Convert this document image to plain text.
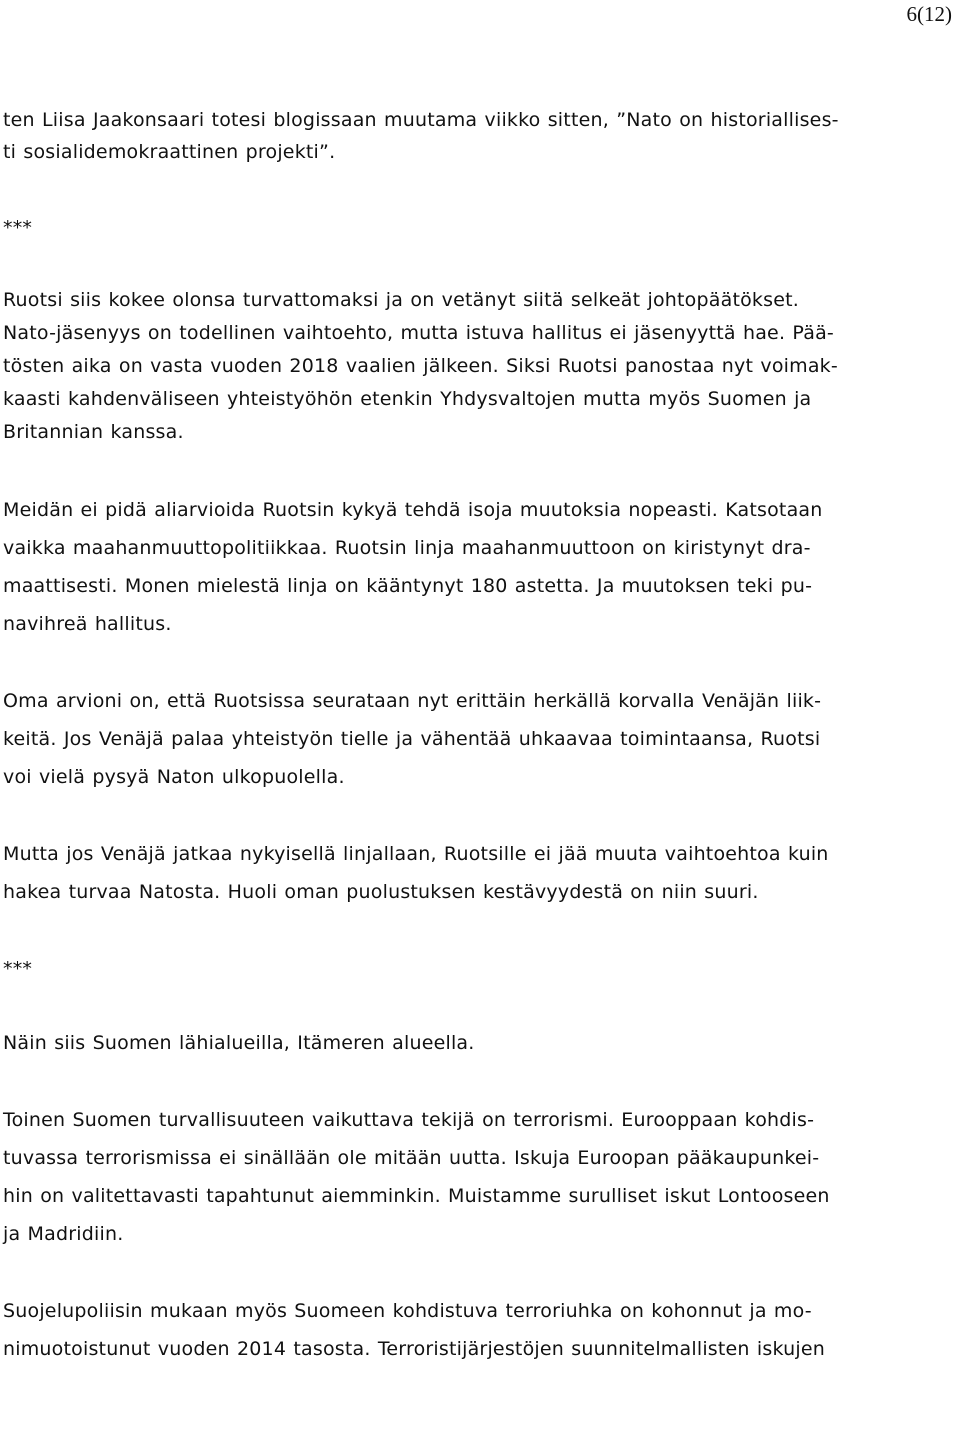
6(12)

ten Liisa Jaakonsaari totesi blogissaan muutama viikko sitten, ”Nato on historiallises-
ti sosialidemokraattinen projekti”.

***

Ruotsi siis kokee olonsa turvattomaksi ja on vetänyt siitä selkeät johtopäätökset.
Nato-jäsenyys on todellinen vaihtoehto, mutta istuva hallitus ei jäsenyyttä hae. Pää-
tösten aika on vasta vuoden 2018 vaalien jälkeen. Siksi Ruotsi panostaa nyt voimak-
kaasti kahdenväliseen yhteistyöhön etenkin Yhdysvaltojen mutta myös Suomen ja
Britannian kanssa.

Meidän ei pidä aliarvioida Ruotsin kykyä tehdä isoja muutoksia nopeasti. Katsotaan
vaikka maahanmuuttopolitiikkaa. Ruotsin linja maahanmuuttoon on kiristynyt dra-
maattisesti. Monen mielestä linja on kääntynyt 180 astetta. Ja muutoksen teki pu-
navihreä hallitus.

Oma arvioni on, että Ruotsissa seurataan nyt erittäin herkällä korvalla Venäjän liik-
keitä. Jos Venäjä palaa yhteistyön tielle ja vähentää uhkaavaa toimintaansa, Ruotsi
voi vielä pysyä Naton ulkopuolella.

Mutta jos Venäjä jatkaa nykyisellä linjallaan, Ruotsille ei jää muuta vaihtoehtoa kuin
hakea turvaa Natosta. Huoli oman puolustuksen kestävyydestä on niin suuri.

***

Näin siis Suomen lähialueilla, Itämeren alueella.

Toinen Suomen turvallisuuteen vaikuttava tekijä on terrorismi. Eurooppaan kohdis-
tuvassa terrorismissa ei sinällään ole mitään uutta. Iskuja Euroopan pääkaupunkei-
hin on valitettavasti tapahtunut aiemminkin. Muistamme surulliset iskut Lontooseen
ja Madridiin.

Suojelupoliisin mukaan myös Suomeen kohdistuva terroriuhka on kohonnut ja mo-
nimuotoistunut vuoden 2014 tasosta. Terroristijärjestöjen suunnitelmallisten iskujen
